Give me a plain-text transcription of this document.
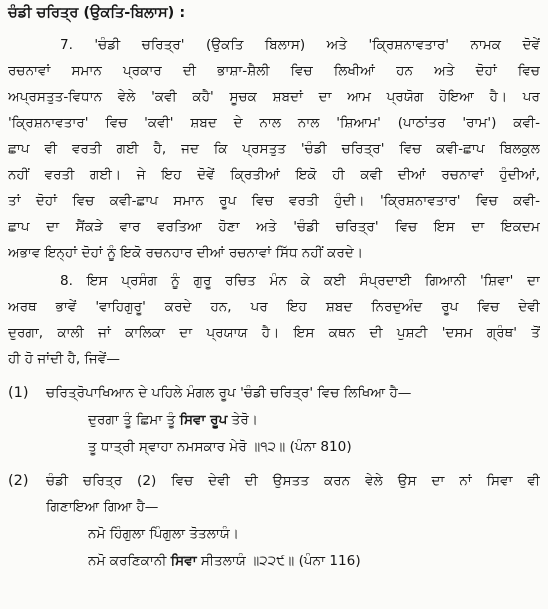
ਚੰਡੀ ਚਰਿਤ੍ਰ (ਉਕਤਿ-ਬਿਲਾਸ) :
7. 'ਚੰਡੀ ਚਰਿਤ੍ਰ' (ਉਕਤਿ ਬਿਲਾਸ) ਅਤੇ 'ਕ੍ਰਿਸ਼ਨਾਵਤਾਰ' ਨਾਮਕ ਦੋਵੇਂ
ਰਚਨਾਵਾਂ ਸਮਾਨ ਪ੍ਰਕਾਰ ਦੀ ਭਾਸ਼ਾ-ਸ਼ੈਲੀ ਵਿਚ ਲਿਖੀਆਂ ਹਨ ਅਤੇ ਦੋਹਾਂ ਵਿਚ
ਅਪ੍ਰਸਤੁਤ-ਵਿਧਾਨ ਵੇਲੇ 'ਕਵੀ ਕਹੈ' ਸੂਚਕ ਸ਼ਬਦਾਂ ਦਾ ਆਮ ਪ੍ਰਯੋਗ ਹੋਇਆ ਹੈ। ਪਰ
'ਕ੍ਰਿਸ਼ਨਾਵਤਾਰ' ਵਿਚ 'ਕਵੀ' ਸ਼ਬਦ ਦੇ ਨਾਲ ਨਾਲ 'ਸ਼ਿਆਮ' (ਪਾਠਾਂਤਰ 'ਰਾਮ') ਕਵੀ-
ਛਾਪ ਵੀ ਵਰਤੀ ਗਈ ਹੈ, ਜਦ ਕਿ ਪ੍ਰਸਤੁਤ 'ਚੰਡੀ ਚਰਿਤ੍ਰ' ਵਿਚ ਕਵੀ-ਛਾਪ ਬਿਲਕੁਲ
ਨਹੀਂ ਵਰਤੀ ਗਈ। ਜੇ ਇਹ ਦੋਵੇਂ ਕ੍ਰਿਤੀਆਂ ਇਕੋ ਹੀ ਕਵੀ ਦੀਆਂ ਰਚਨਾਵਾਂ ਹੁੰਦੀਆਂ,
ਤਾਂ ਦੋਹਾਂ ਵਿਚ ਕਵੀ-ਛਾਪ ਸਮਾਨ ਰੂਪ ਵਿਚ ਵਰਤੀ ਹੁੰਦੀ। 'ਕ੍ਰਿਸ਼ਨਾਵਤਾਰ' ਵਿਚ ਕਵੀ-
ਛਾਪ ਦਾ ਸੈਂਕੜੇ ਵਾਰ ਵਰਤਿਆ ਹੋਣਾ ਅਤੇ 'ਚੰਡੀ ਚਰਿਤ੍ਰ' ਵਿਚ ਇਸ ਦਾ ਇਕਦਮ
ਅਭਾਵ ਇਨ੍ਹਾਂ ਦੋਹਾਂ ਨੂੰ ਇਕੋ ਰਚਨਹਾਰ ਦੀਆਂ ਰਚਨਾਵਾਂ ਸਿੱਧ ਨਹੀਂ ਕਰਦੇ।
8. ਇਸ ਪ੍ਰਸੰਗ ਨੂੰ ਗੁਰੂ ਰਚਿਤ ਮੰਨ ਕੇ ਕਈ ਸੰਪ੍ਰਦਾਈ ਗਿਆਨੀ 'ਸ਼ਿਵਾ' ਦਾ
ਅਰਥ ਭਾਵੇਂ 'ਵਾਹਿਗੁਰੂ' ਕਰਦੇ ਹਨ, ਪਰ ਇਹ ਸ਼ਬਦ ਨਿਰਦੁਅੰਦ ਰੂਪ ਵਿਚ ਦੇਵੀ
ਦੁਰਗਾ, ਕਾਲੀ ਜਾਂ ਕਾਲਿਕਾ ਦਾ ਪ੍ਰਯਾਯ ਹੈ। ਇਸ ਕਥਨ ਦੀ ਪੁਸ਼ਟੀ 'ਦਸਮ ਗ੍ਰੰਥ' ਤੋਂ
ਹੀ ਹੋ ਜਾਂਦੀ ਹੈ, ਜਿਵੇਂ—
(1) ਚਰਿਤ੍ਰੋਪਾਖਿਆਨ ਦੇ ਪਹਿਲੇ ਮੰਗਲ ਰੂਪ 'ਚੰਡੀ ਚਰਿਤ੍ਰ' ਵਿਚ ਲਿਖਿਆ ਹੈ—
ਦੁਰਗਾ ਤੂੰ ਛਿਮਾ ਤੂੰ ਸਿਵਾ ਰੂਪ ਤੇਰੋ।
ਤੂ ਧਾਤ੍ਰੀ ਸ੍ਵਾਹਾ ਨਮਸਕਾਰ ਮੇਰੋ ॥੧੨॥ (ਪੰਨਾ 810)
(2) ਚੰਡੀ ਚਰਿਤ੍ਰ (2) ਵਿਚ ਦੇਵੀ ਦੀ ਉਸਤਤ ਕਰਨ ਵੇਲੇ ਉਸ ਦਾ ਨਾਂ ਸਿਵਾ ਵੀ
ਗਿਣਾਇਆ ਗਿਆ ਹੈ—
ਨਮੋ ਹਿੰਗੁਲਾ ਪਿੰਗੁਲਾ ਤੋਤਲਾਯੰ।
ਨਮੋ ਕਰਣਿਕਾਨੀ ਸਿਵਾ ਸੀਤਲਾਯੰ ॥੨੨੯॥ (ਪੰਨਾ 116)
